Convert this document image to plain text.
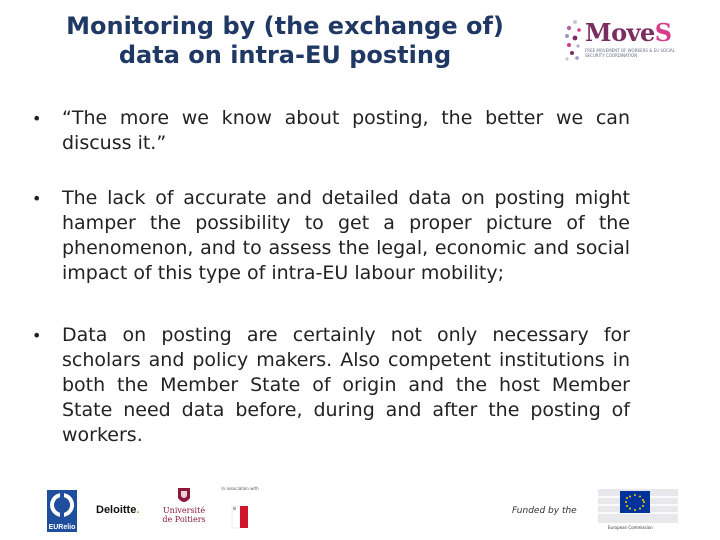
Monitoring by (the exchange of)
data on intra-EU posting
MoveS
FREE MOVEMENT OF WORKERS & EU SOCIAL SECURITY COORDINATION
• “The more we know about posting, the better we can discuss it.”
• The lack of accurate and detailed data on posting might hamper the possibility to get a proper picture of the phenomenon, and to assess the legal, economic and social impact of this type of intra-EU labour mobility;
• Data on posting are certainly not only necessary for scholars and policy makers. Also competent institutions in both the Member State of origin and the host Member State need data before, during and after the posting of workers.
EURelio
Deloitte.	Université
de Poitiers
In association with
Funded by the
European Commission
